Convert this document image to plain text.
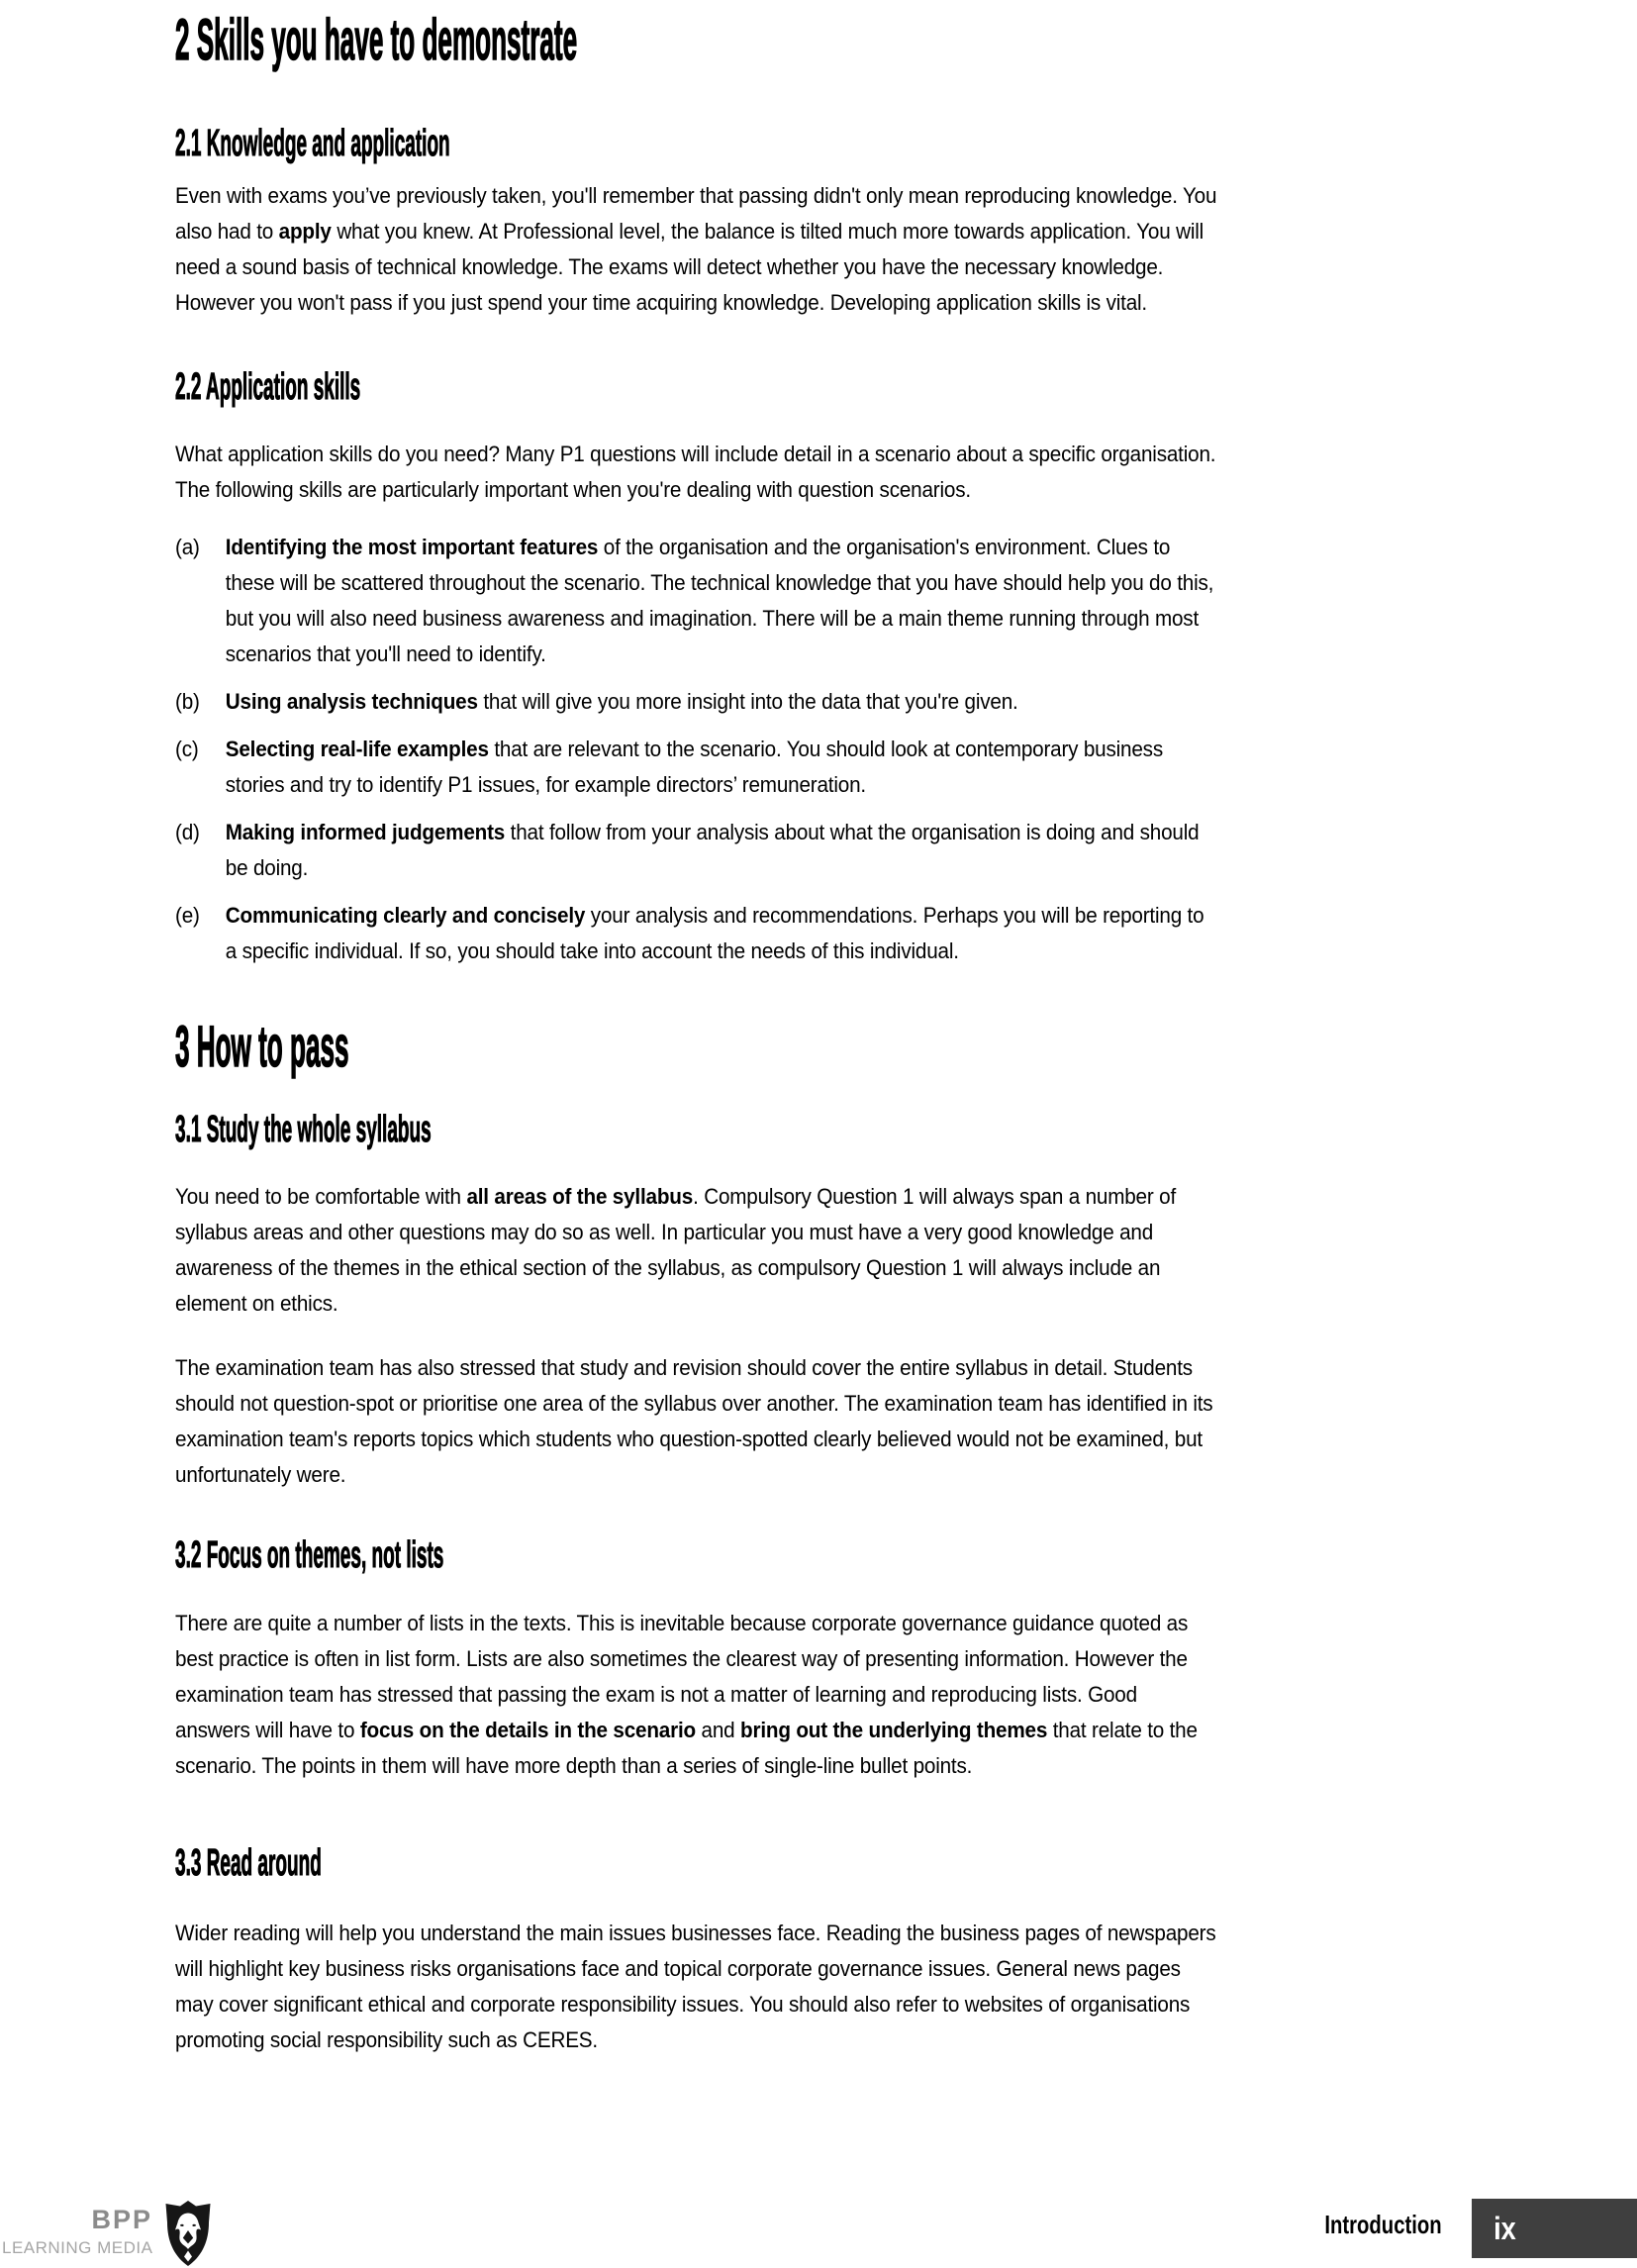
2 Skills you have to demonstrate
2.1 Knowledge and application
Even with exams you’ve previously taken, you'll remember that passing didn't only mean reproducing knowledge. You also had to apply what you knew. At Professional level, the balance is tilted much more towards application. You will need a sound basis of technical knowledge. The exams will detect whether you have the necessary knowledge. However you won't pass if you just spend your time acquiring knowledge. Developing application skills is vital.
2.2 Application skills
What application skills do you need? Many P1 questions will include detail in a scenario about a specific organisation. The following skills are particularly important when you're dealing with question scenarios.
(a)	Identifying the most important features of the organisation and the organisation's environment. Clues to these will be scattered throughout the scenario. The technical knowledge that you have should help you do this, but you will also need business awareness and imagination. There will be a main theme running through most scenarios that you'll need to identify.
(b)	Using analysis techniques that will give you more insight into the data that you're given.
(c)	Selecting real-life examples that are relevant to the scenario. You should look at contemporary business stories and try to identify P1 issues, for example directors’ remuneration.
(d)	Making informed judgements that follow from your analysis about what the organisation is doing and should be doing.
(e)	Communicating clearly and concisely your analysis and recommendations. Perhaps you will be reporting to a specific individual. If so, you should take into account the needs of this individual.
3 How to pass
3.1 Study the whole syllabus
You need to be comfortable with all areas of the syllabus. Compulsory Question 1 will always span a number of syllabus areas and other questions may do so as well. In particular you must have a very good knowledge and awareness of the themes in the ethical section of the syllabus, as compulsory Question 1 will always include an element on ethics.
The examination team has also stressed that study and revision should cover the entire syllabus in detail. Students should not question-spot or prioritise one area of the syllabus over another. The examination team has identified in its examination team's reports topics which students who question-spotted clearly believed would not be examined, but unfortunately were.
3.2 Focus on themes, not lists
There are quite a number of lists in the texts. This is inevitable because corporate governance guidance quoted as best practice is often in list form. Lists are also sometimes the clearest way of presenting information. However the examination team has stressed that passing the exam is not a matter of learning and reproducing lists. Good answers will have to focus on the details in the scenario and bring out the underlying themes that relate to the scenario. The points in them will have more depth than a series of single-line bullet points.
3.3 Read around
Wider reading will help you understand the main issues businesses face. Reading the business pages of newspapers will highlight key business risks organisations face and topical corporate governance issues. General news pages may cover significant ethical and corporate responsibility issues. You should also refer to websites of organisations promoting social responsibility such as CERES.
BPP
LEARNING MEDIA
Introduction	ix
